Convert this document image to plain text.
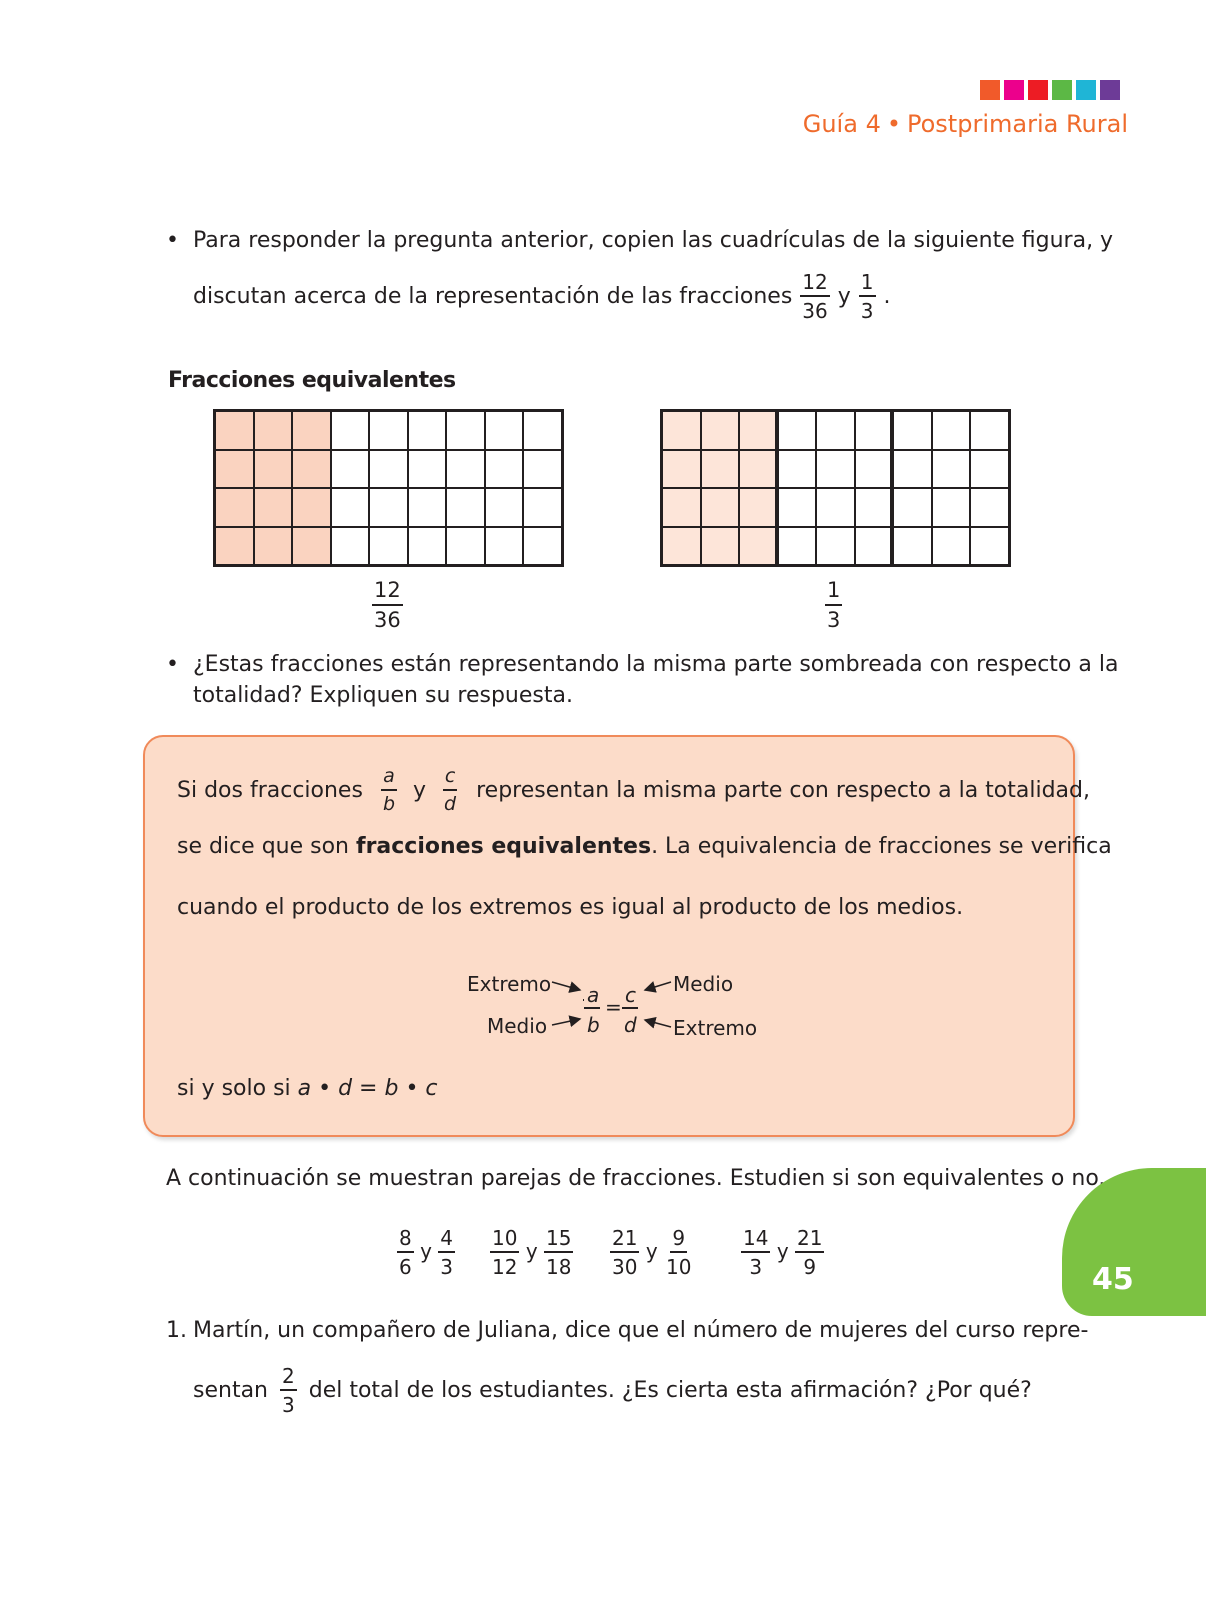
Guía 4 • Postprimaria Rural
• Para responder la pregunta anterior, copien las cuadrículas de la siguiente figura, y
discutan acerca de la representación de las fracciones $\frac{12}{36}$ y $\frac{1}{3}$ .
Fracciones equivalentes
$\frac{12}{36}$	$\frac{1}{3}$
• ¿Estas fracciones están representando la misma parte sombreada con respecto a la
totalidad? Expliquen su respuesta.
Si dos fracciones $\frac{a}{b}$ y $\frac{c}{d}$ representan la misma parte con respecto a la totalidad,
se dice que son fracciones equivalentes. La equivalencia de fracciones se verifica
cuando el producto de los extremos es igual al producto de los medios.
Extremo
Medio
Medio
Extremo
a
b
c
d
=
si y solo si a • d = b • c
A continuación se muestran parejas de fracciones. Estudien si son equivalentes o no.
$\frac{8}{6}$ y $\frac{4}{3} \frac{10}{12}$ y $\frac{15}{18} \frac{21}{30}$ y $\frac{9}{10} \frac{14}{3}$ y $\frac{21}{9}$
1. Martín, un compañero de Juliana, dice que el número de mujeres del curso repre-
sentan $\frac{2}{3}$ del total de los estudiantes. ¿Es cierta esta afirmación? ¿Por qué?
45
